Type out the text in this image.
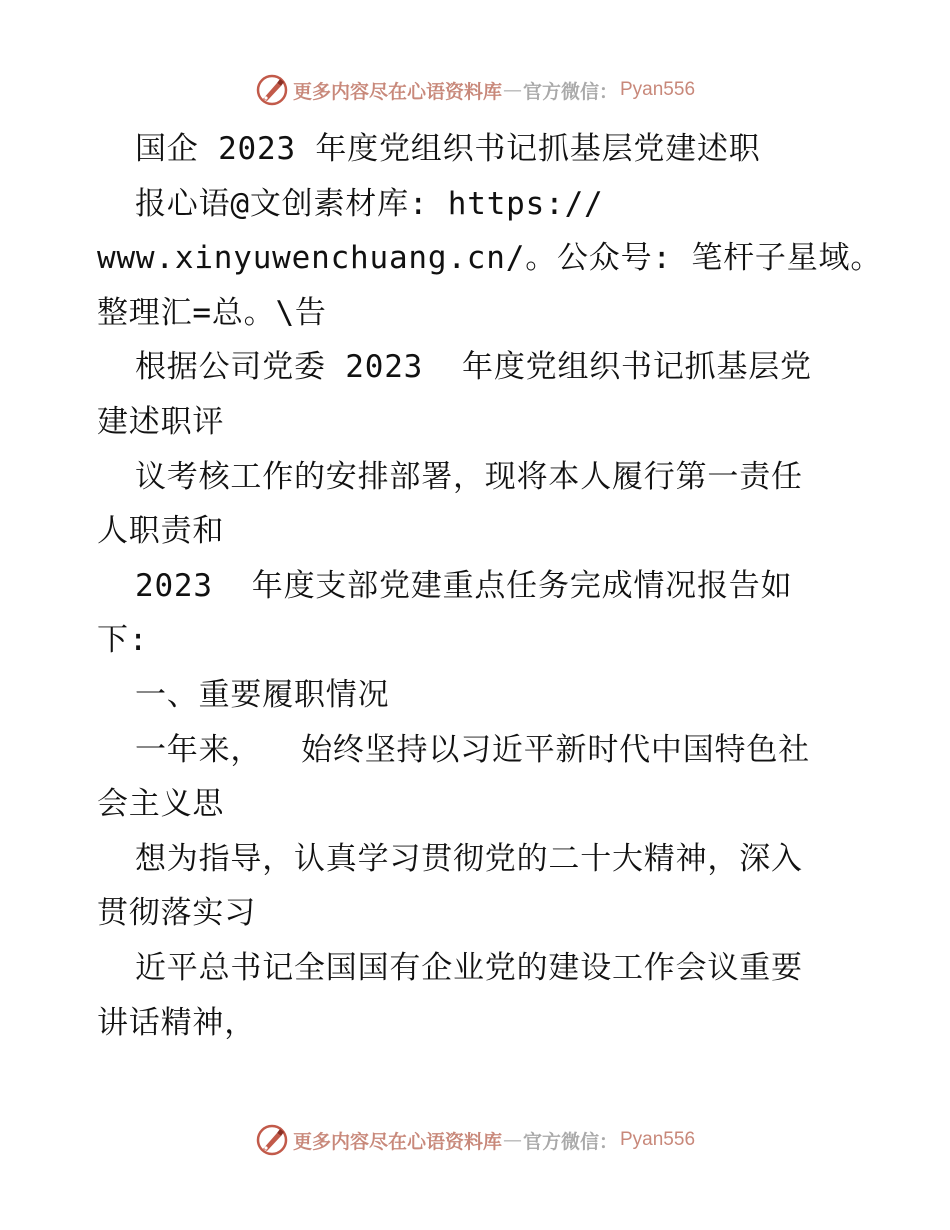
更多内容尽在心语资料库 — 官方微信： Pyan556
国企 2023 年度党组织书记抓基层党建述职
报心语@文创素材库: https://
www.xinyuwenchuang.cn/。公众号: 笔杆子星域。
整理汇=总。\告
根据公司党委 2023  年度党组织书记抓基层党
建述职评
议考核工作的安排部署，现将本人履行第一责任
人职责和
2023  年度支部党建重点任务完成情况报告如
下:
一、重要履职情况
一年来，  始终坚持以习近平新时代中国特色社
会主义思
想为指导，认真学习贯彻党的二十大精神，深入
贯彻落实习
近平总书记全国国有企业党的建设工作会议重要
讲话精神，
更多内容尽在心语资料库 — 官方微信： Pyan556
